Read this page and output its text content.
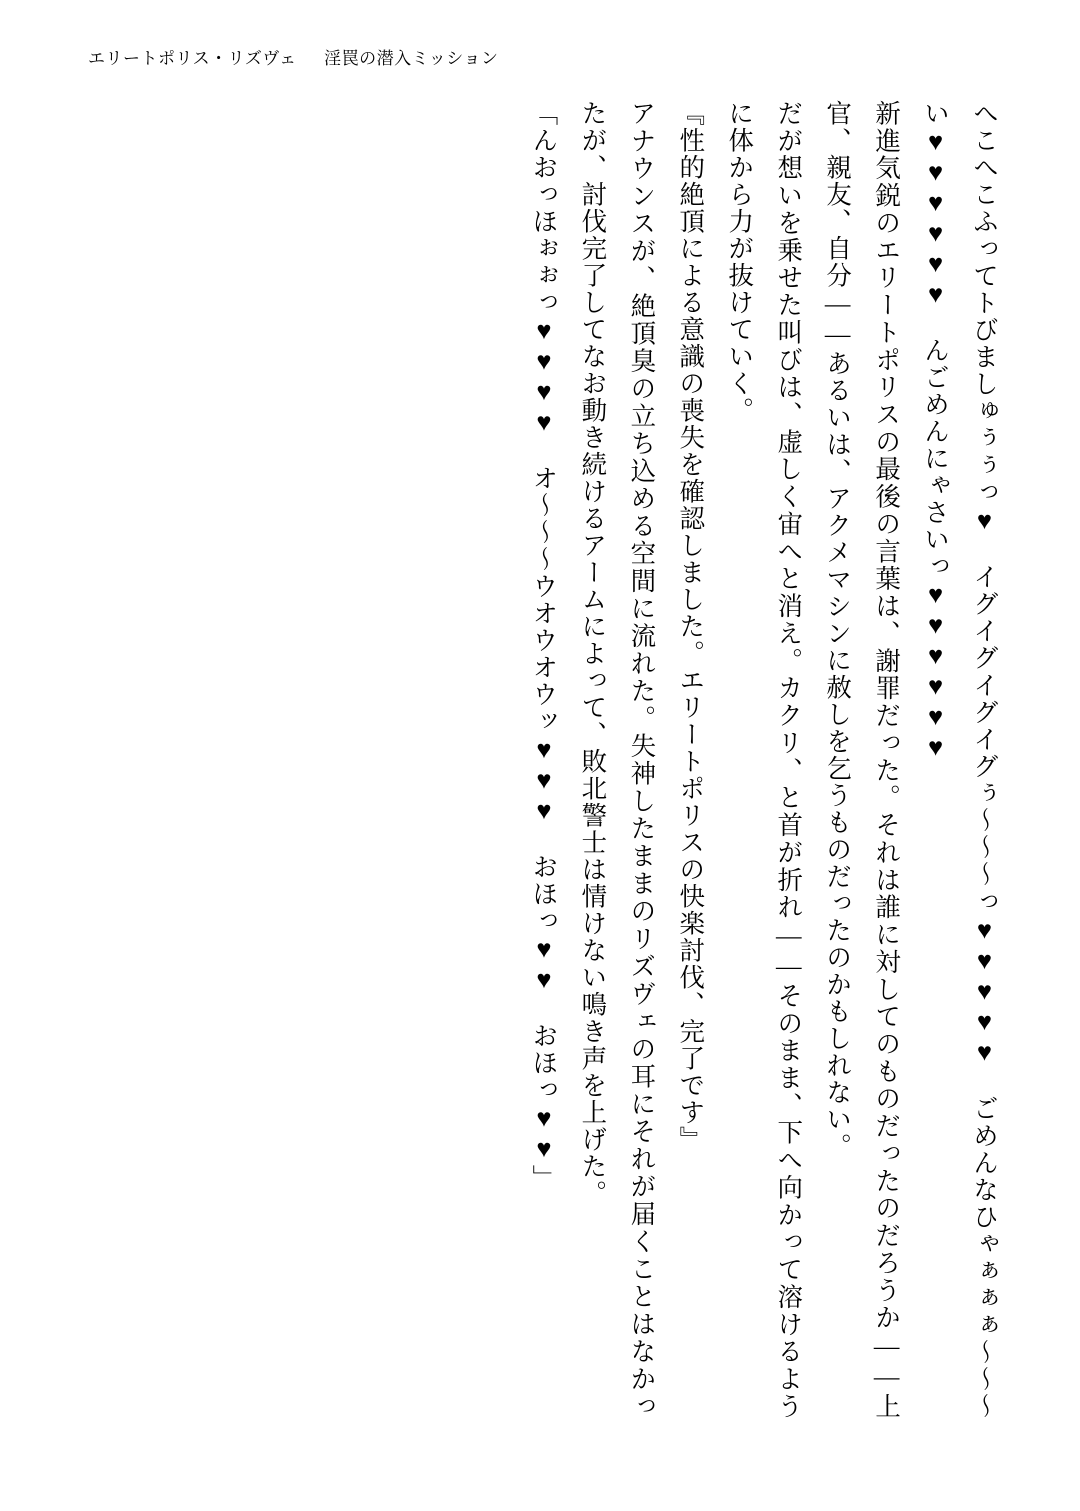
エリートポリス・リズヴェ 淫罠の潜入ミッション

へこへこふってトびましゅぅぅっ♥　イグイグイグイグぅ〜〜〜っ♥♥♥♥♥　ごめんなひゃぁぁぁ〜〜〜い♥♥♥♥♥♥　んごめんにゃさいっ♥♥♥♥♥♥

新進気鋭のエリートポリスの最後の言葉は、謝罪だった。それは誰に対してのものだったのだろうか――上官、親友、自分――あるいは、アクメマシンに赦しを乞うものだったのかもしれない。

だが想いを乗せた叫びは、虚しく宙へと消え。カクリ、と首が折れ――そのまま、下へ向かって溶けるように体から力が抜けていく。

『性的絶頂による意識の喪失を確認しました。エリートポリスの快楽討伐、完了です』

アナウンスが、絶頂臭の立ち込める空間に流れた。失神したままのリズヴェの耳にそれが届くことはなかったが、討伐完了してなお動き続けるアームによって、敗北警士は情けない鳴き声を上げた。

「んおっほぉぉっ♥♥♥♥　オ〜〜〜ウオウオウッ♥♥♥　おほっ♥♥　おほっ♥♥」
